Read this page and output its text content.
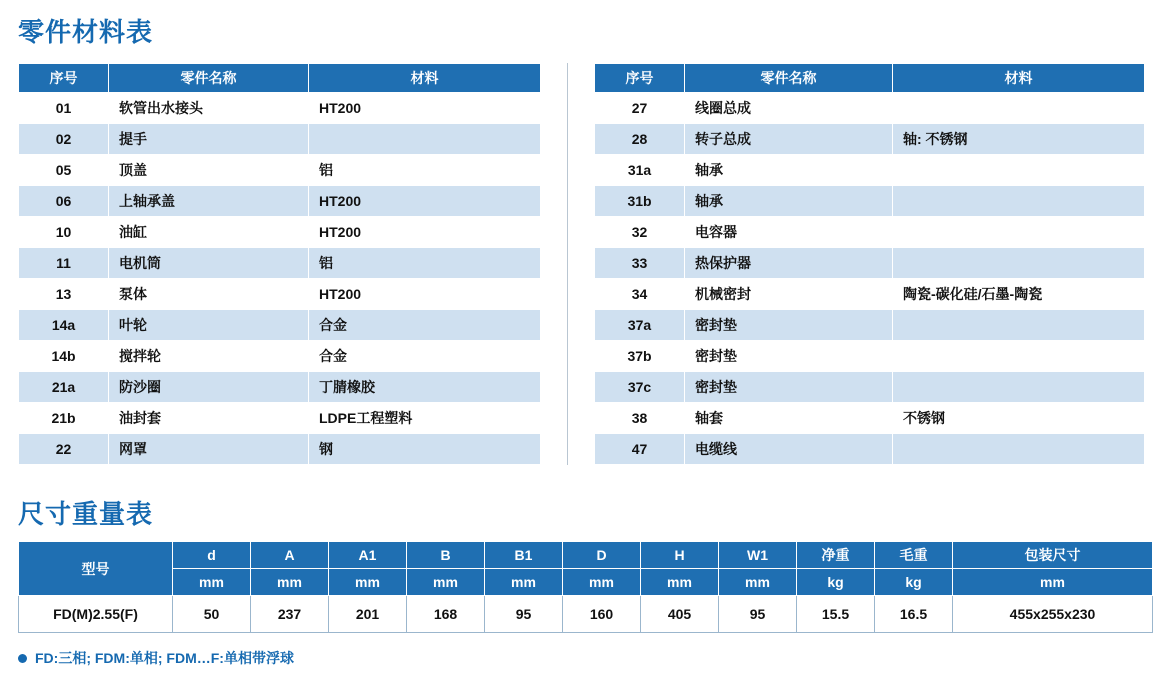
零件材料表
序号	零件名称	材料
01	软管出水接头	HT200
02	提手	
05	顶盖	铝
06	上轴承盖	HT200
10	油缸	HT200
11	电机筒	铝
13	泵体	HT200
14a	叶轮	合金
14b	搅拌轮	合金
21a	防沙圈	丁腈橡胶
21b	油封套	LDPE工程塑料
22	网罩	钢
序号	零件名称	材料
27	线圈总成	
28	转子总成	轴: 不锈钢
31a	轴承	
31b	轴承	
32	电容器	
33	热保护器	
34	机械密封	陶瓷-碳化硅/石墨-陶瓷
37a	密封垫	
37b	密封垫	
37c	密封垫	
38	轴套	不锈钢
47	电缆线	
尺寸重量表
型号	d	A	A1	B	B1	D	H	W1	净重	毛重	包装尺寸
	mm	mm	mm	mm	mm	mm	mm	mm	kg	kg	mm
FD(M)2.55(F)	50	237	201	168	95	160	405	95	15.5	16.5	455x255x230
FD:三相; FDM:单相; FDM…F:单相带浮球
